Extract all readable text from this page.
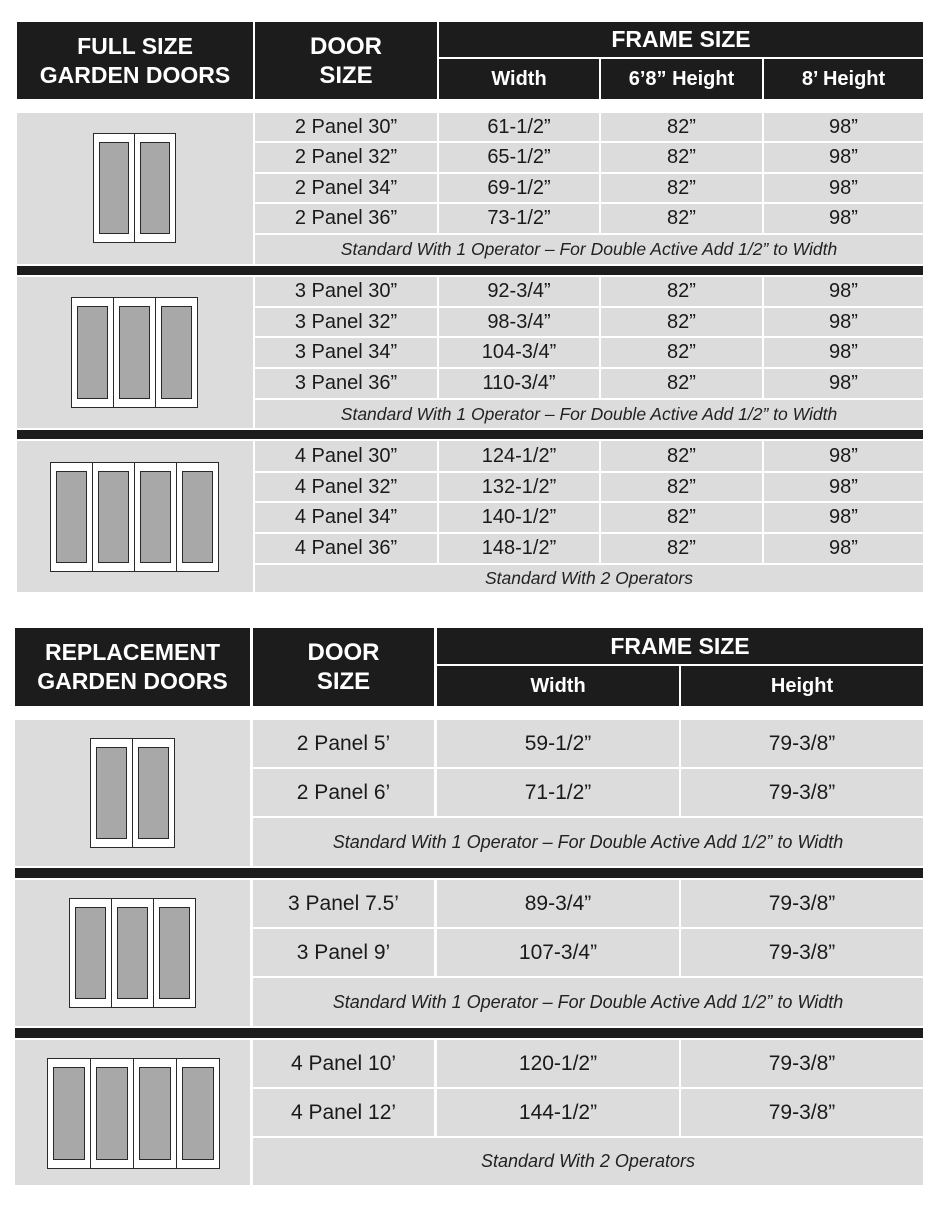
FULL SIZE
GARDEN DOORS
DOOR
SIZE
FRAME SIZE
Width	6’8” Height	8’ Height
2 Panel 30”	61-1/2”	82”	98”
2 Panel 32”	65-1/2”	82”	98”
2 Panel 34”	69-1/2”	82”	98”
2 Panel 36”	73-1/2”	82”	98”
Standard With 1 Operator – For Double Active Add 1/2” to Width
3 Panel 30”	92-3/4”	82”	98”
3 Panel 32”	98-3/4”	82”	98”
3 Panel 34”	104-3/4”	82”	98”
3 Panel 36”	110-3/4”	82”	98”
Standard With 1 Operator – For Double Active Add 1/2” to Width
4 Panel 30”	124-1/2”	82”	98”
4 Panel 32”	132-1/2”	82”	98”
4 Panel 34”	140-1/2”	82”	98”
4 Panel 36”	148-1/2”	82”	98”
Standard With 2 Operators
REPLACEMENT
GARDEN DOORS
DOOR
SIZE
FRAME SIZE
Width	Height
2 Panel 5’	59-1/2”	79-3/8”
2 Panel 6’	71-1/2”	79-3/8”
Standard With 1 Operator – For Double Active Add 1/2” to Width
3 Panel 7.5’	89-3/4”	79-3/8”
3 Panel 9’	107-3/4”	79-3/8”
Standard With 1 Operator – For Double Active Add 1/2” to Width
4 Panel 10’	120-1/2”	79-3/8”
4 Panel 12’	144-1/2”	79-3/8”
Standard With 2 Operators
